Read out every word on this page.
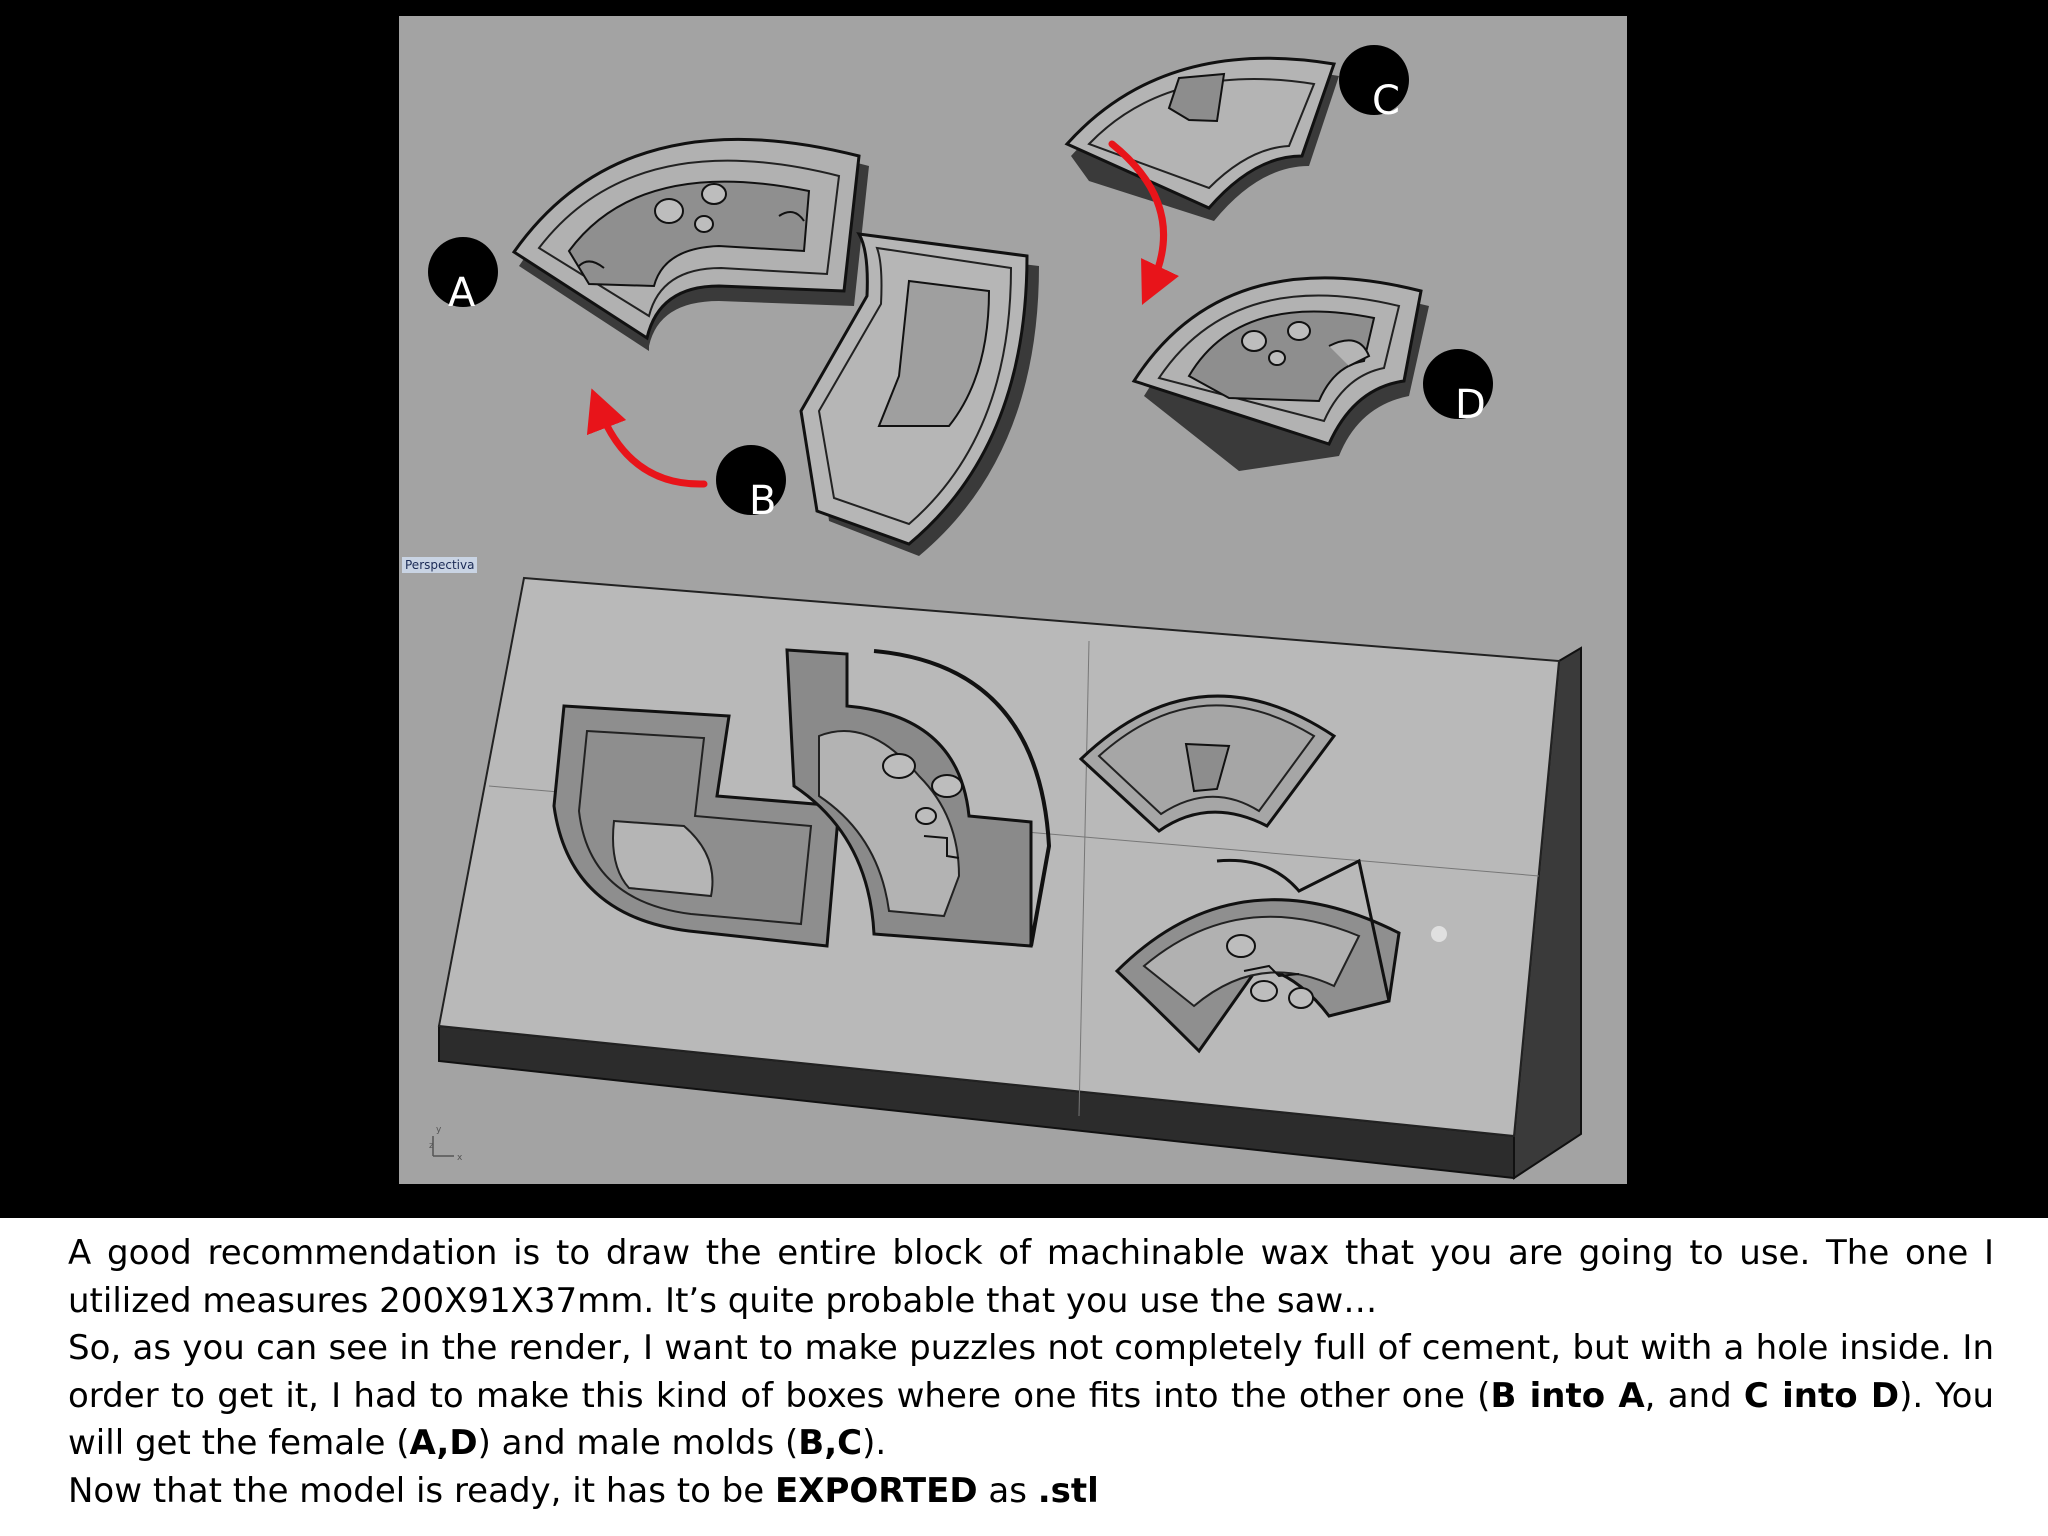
y
z
x
Perspectiva
A
B
C
D

A good recommendation is to draw the entire block of machinable wax that you are going to use. The one I utilized measures 200X91X37mm. It’s quite probable that you use the saw…

So, as you can see in the render, I want to make puzzles not completely full of cement, but with a hole inside. In order to get it, I had to make this kind of boxes where one fits into the other one (B into A, and C into D). You will get the female (A,D) and male molds (B,C).

Now that the model is ready, it has to be EXPORTED as .stl
